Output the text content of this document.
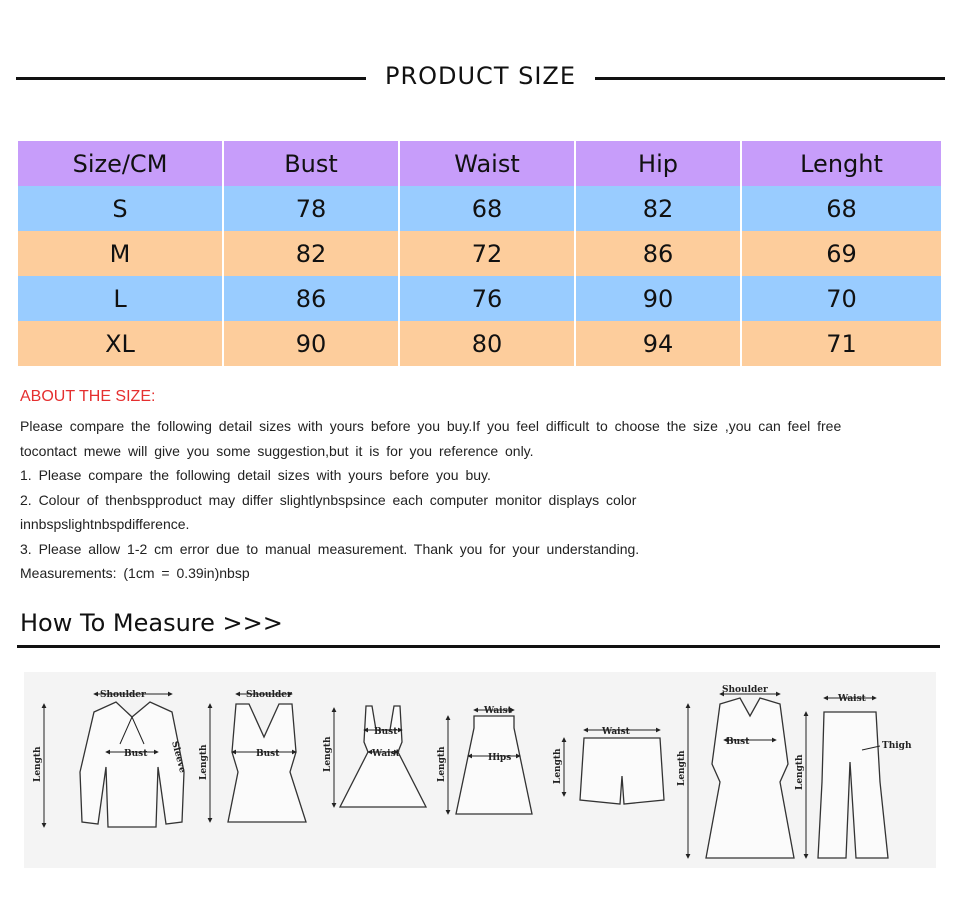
PRODUCT SIZE
Size/CM	Bust	Waist	Hip	Lenght
S	78	68	82	68
M	82	72	86	69
L	86	76	90	70
XL	90	80	94	71
ABOUT THE SIZE:
Please compare the following detail sizes with yours before you buy.If you feel difficult to choose the size ,you can feel free tocontact mewe will give you some suggestion,but it is for you reference only.
1. Please compare the following detail sizes with yours before you buy.
2. Colour of thenbspproduct may differ slightlynbspsince each computer monitor displays color innbspslightnbspdifference.
3. Please allow 1-2 cm error due to manual measurement. Thank you for your understanding.
Measurements: (1cm = 0.39in)nbsp
How To Measure >>>
Shoulder
Bust Sleeve
Length
Shoulder
Bust
Length
Bust
Waist
Length
Waist
Hips
Length
Waist
Length
Shoulder
Bust
Length
Waist
Thigh
Length
